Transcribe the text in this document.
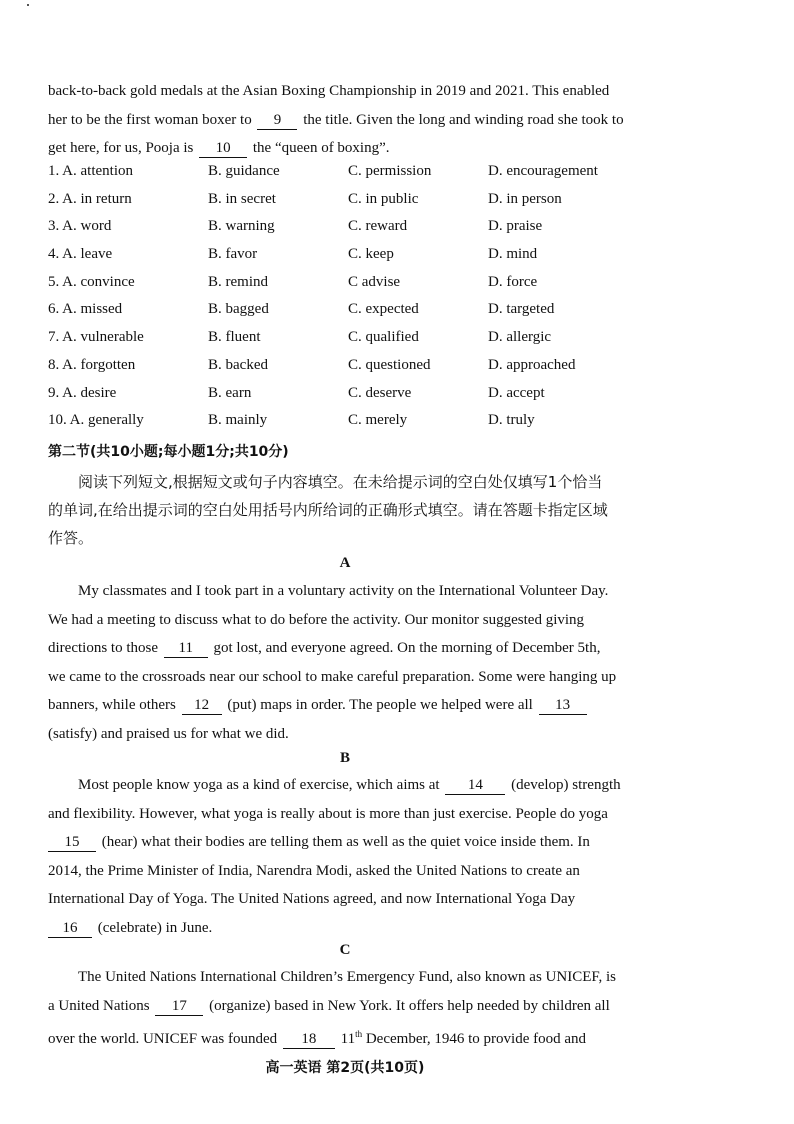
back-to-back gold medals at the Asian Boxing Championship in 2019 and 2021. This enabled
her to be the first woman boxer to 9 the title. Given the long and winding road she took to
get here, for us, Pooja is 10 the “queen of boxing”.
1. A. attention	B. guidance	C. permission	D. encouragement
2. A. in return	B. in secret	C. in public	D. in person
3. A. word	B. warning	C. reward	D. praise
4. A. leave	B. favor	C. keep	D. mind
5. A. convince	B. remind	C advise	D. force
6. A. missed	B. bagged	C. expected	D. targeted
7. A. vulnerable	B. fluent	C. qualified	D. allergic
8. A. forgotten	B. backed	C. questioned	D. approached
9. A. desire	B. earn	C. deserve	D. accept
10. A. generally	B. mainly	C. merely	D. truly
第二节(共10小题;每小题1分;共10分)
阅读下列短文,根据短文或句子内容填空。在未给提示词的空白处仅填写1个恰当
的单词,在给出提示词的空白处用括号内所给词的正确形式填空。请在答题卡指定区域
作答。
A
My classmates and I took part in a voluntary activity on the International Volunteer Day.
We had a meeting to discuss what to do before the activity. Our monitor suggested giving
directions to those 11 got lost, and everyone agreed. On the morning of December 5th,
we came to the crossroads near our school to make careful preparation. Some were hanging up
banners, while others 12 (put) maps in order. The people we helped were all 13
(satisfy) and praised us for what we did.
B
Most people know yoga as a kind of exercise, which aims at 14 (develop) strength
and flexibility. However, what yoga is really about is more than just exercise. People do yoga
15 (hear) what their bodies are telling them as well as the quiet voice inside them. In
2014, the Prime Minister of India, Narendra Modi, asked the United Nations to create an
International Day of Yoga. The United Nations agreed, and now International Yoga Day
16 (celebrate) in June.
C
The United Nations International Children’s Emergency Fund, also known as UNICEF, is
a United Nations 17 (organize) based in New York. It offers help needed by children all
over the world. UNICEF was founded 18 11th December, 1946 to provide food and
高一英语 第2页(共10页)
